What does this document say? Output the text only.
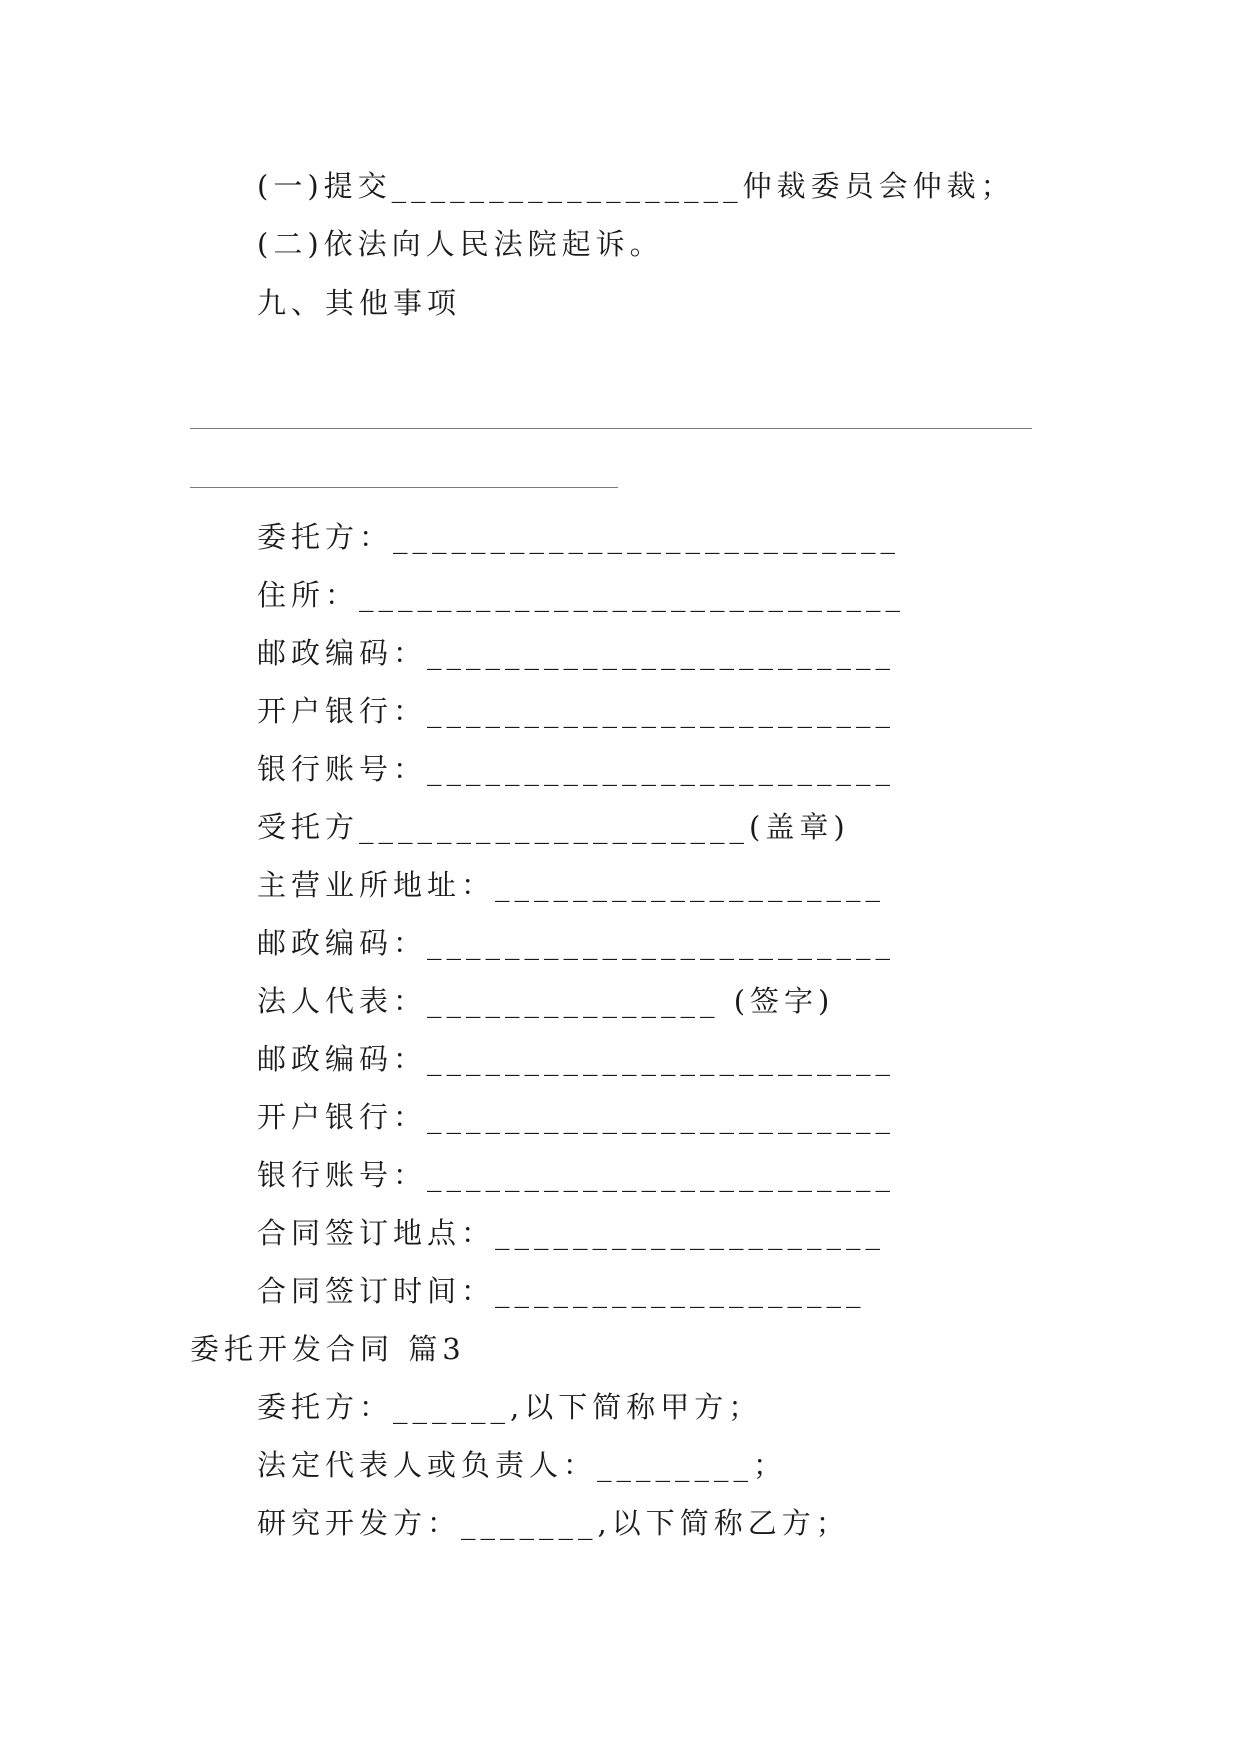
(一)提交__________________仲裁委员会仲裁；
(二)依法向人民法院起诉。
九、其他事项
委托方：__________________________
住所：____________________________
邮政编码：________________________
开户银行：________________________
银行账号：________________________
受托方____________________(盖章)
主营业所地址：____________________
邮政编码：________________________
法人代表：_______________ (签字)
邮政编码：________________________
开户银行：________________________
银行账号：________________________
合同签订地点：____________________
合同签订时间：___________________
委托开发合同 篇3
委托方：______,以下简称甲方；
法定代表人或负责人：________；
研究开发方：_______,以下简称乙方；
